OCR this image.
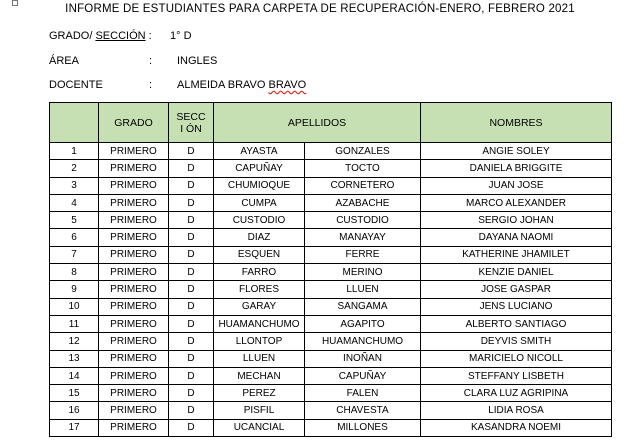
INFORME DE ESTUDIANTES PARA CARPETA DE RECUPERACIÓN-ENERO, FEBRERO 2021
GRADO/ SECCIÓN : 1° D
ÁREA	: INGLES
DOCENTE	: ALMEIDA BRAVO BRAVO
	GRADO	SECCI ÓN	APELLIDOS		NOMBRES
1	PRIMERO	D	AYASTA	GONZALES	ANGIE SOLEY
2	PRIMERO	D	CAPUÑAY	TOCTO	DANIELA BRIGGITE
3	PRIMERO	D	CHUMIOQUE	CORNETERO	JUAN JOSE
4	PRIMERO	D	CUMPA	AZABACHE	MARCO ALEXANDER
5	PRIMERO	D	CUSTODIO	CUSTODIO	SERGIO JOHAN
6	PRIMERO	D	DIAZ	MANAYAY	DAYANA NAOMI
7	PRIMERO	D	ESQUEN	FERRE	KATHERINE JHAMILET
8	PRIMERO	D	FARRO	MERINO	KENZIE DANIEL
9	PRIMERO	D	FLORES	LLUEN	JOSE GASPAR
10	PRIMERO	D	GARAY	SANGAMA	JENS LUCIANO
11	PRIMERO	D	HUAMANCHUMO	AGAPITO	ALBERTO SANTIAGO
12	PRIMERO	D	LLONTOP	HUAMANCHUMO	DEYVIS SMITH
13	PRIMERO	D	LLUEN	INOÑAN	MARICIELO NICOLL
14	PRIMERO	D	MECHAN	CAPUÑAY	STEFFANY LISBETH
15	PRIMERO	D	PEREZ	FALEN	CLARA LUZ AGRIPINA
16	PRIMERO	D	PISFIL	CHAVESTA	LIDIA ROSA
17	PRIMERO	D	UCANCIAL	MILLONES	KASANDRA NOEMI
